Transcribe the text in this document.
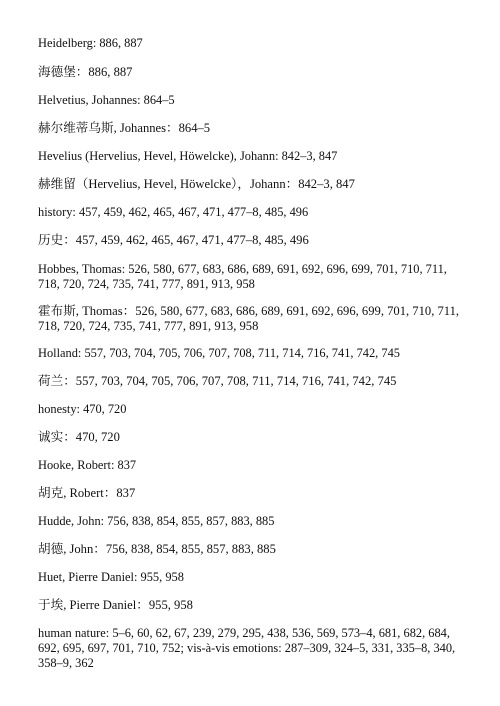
Heidelberg: 886, 887
海德堡：886, 887
Helvetius, Johannes: 864–5
赫尔维蒂乌斯, Johannes：864–5
Hevelius (Hervelius, Hevel, Höwelcke), Johann: 842–3, 847
赫维留（Hervelius, Hevel, Höwelcke），Johann：842–3, 847
history: 457, 459, 462, 465, 467, 471, 477–8, 485, 496
历史：457, 459, 462, 465, 467, 471, 477–8, 485, 496
Hobbes, Thomas: 526, 580, 677, 683, 686, 689, 691, 692, 696, 699, 701, 710, 711, 718, 720, 724, 735, 741, 777, 891, 913, 958
霍布斯, Thomas：526, 580, 677, 683, 686, 689, 691, 692, 696, 699, 701, 710, 711, 718, 720, 724, 735, 741, 777, 891, 913, 958
Holland: 557, 703, 704, 705, 706, 707, 708, 711, 714, 716, 741, 742, 745
荷兰：557, 703, 704, 705, 706, 707, 708, 711, 714, 716, 741, 742, 745
honesty: 470, 720
诚实：470, 720
Hooke, Robert: 837
胡克, Robert：837
Hudde, John: 756, 838, 854, 855, 857, 883, 885
胡德, John：756, 838, 854, 855, 857, 883, 885
Huet, Pierre Daniel: 955, 958
于埃, Pierre Daniel：955, 958
human nature: 5–6, 60, 62, 67, 239, 279, 295, 438, 536, 569, 573–4, 681, 682, 684, 692, 695, 697, 701, 710, 752; vis-à-vis emotions: 287–309, 324–5, 331, 335–8, 340, 358–9, 362
